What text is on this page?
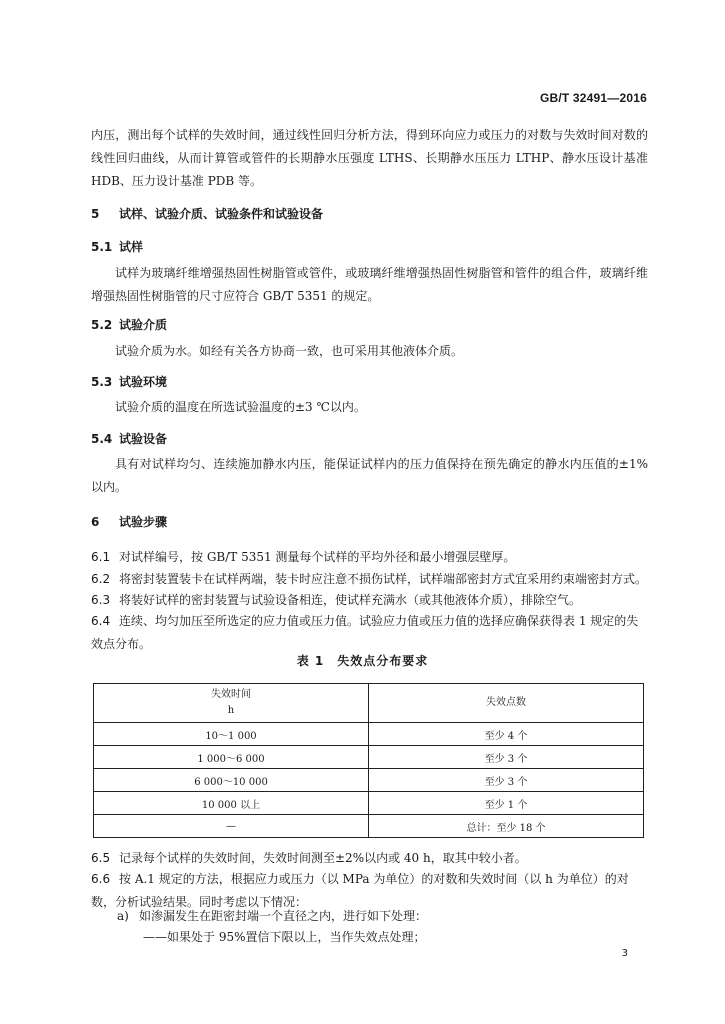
GB/T 32491—2016

内压，测出每个试样的失效时间，通过线性回归分析方法，得到环向应力或压力的对数与失效时间对数的线性回归曲线，从而计算管或管件的长期静水压强度 LTHS、长期静水压压力 LTHP、静水压设计基准 HDB、压力设计基准 PDB 等。

5 试样、试验介质、试验条件和试验设备
5.1 试样

试样为玻璃纤维增强热固性树脂管或管件，或玻璃纤维增强热固性树脂管和管件的组合件，玻璃纤维增强热固性树脂管的尺寸应符合 GB/T 5351 的规定。

5.2 试验介质

试验介质为水。如经有关各方协商一致，也可采用其他液体介质。

5.3 试验环境

试验介质的温度在所选试验温度的±3 ℃以内。

5.4 试验设备

具有对试样均匀、连续施加静水内压，能保证试样内的压力值保持在预先确定的静水内压值的±1%以内。

6 试验步骤
6.1 对试样编号，按 GB/T 5351 测量每个试样的平均外径和最小增强层壁厚。
6.2 将密封装置装卡在试样两端，装卡时应注意不损伤试样，试样端部密封方式宜采用约束端密封方式。
6.3 将装好试样的密封装置与试验设备相连，使试样充满水（或其他液体介质），排除空气。
6.4 连续、均匀加压至所选定的应力值或压力值。试验应力值或压力值的选择应确保获得表 1 规定的失效点分布。
表 1　失效点分布要求
失效时间
h	失效点数
10～1 000	至少 4 个
1 000～6 000	至少 3 个
6 000～10 000	至少 3 个
10 000 以上	至少 1 个
—	总计：至少 18 个
6.5 记录每个试样的失效时间，失效时间测至±2%以内或 40 h，取其中较小者。
6.6 按 A.1 规定的方法，根据应力或压力（以 MPa 为单位）的对数和失效时间（以 h 为单位）的对数，分析试验结果。同时考虑以下情况：
a) 如渗漏发生在距密封端一个直径之内，进行如下处理：
——如果处于 95%置信下限以上，当作失效点处理；
3
